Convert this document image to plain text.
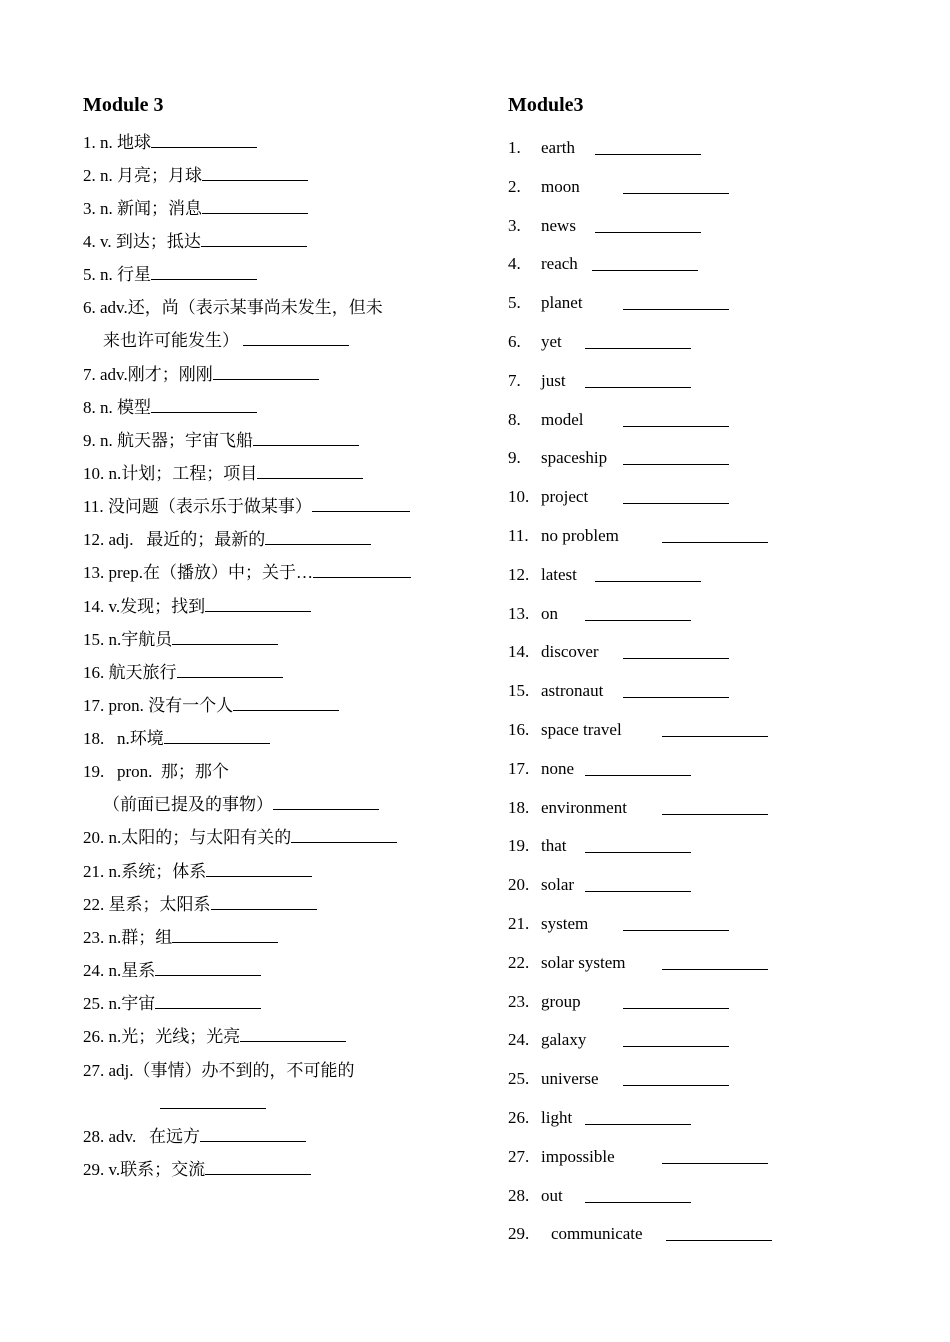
Module 3	Module3
1. n. 地球
2. n. 月亮；月球
3. n. 新闻；消息
4. v. 到达；抵达
5. n. 行星
6. adv.还，尚（表示某事尚未发生，但未
来也许可能发生）
7. adv.刚才；刚刚
8. n. 模型
9. n. 航天器；宇宙飞船
10. n.计划；工程；项目
11. 没问题（表示乐于做某事）
12. adj.   最近的；最新的
13. prep.在（播放）中；关于…
14. v.发现；找到
15. n.宇航员
16. 航天旅行
17. pron. 没有一个人
18.   n.环境
19.   pron.  那；那个
（前面已提及的事物）
20. n.太阳的；与太阳有关的
21. n.系统；体系
22. 星系；太阳系
23. n.群；组
24. n.星系
25. n.宇宙
26. n.光；光线；光亮
27. adj.（事情）办不到的，不可能的
28. adv.   在远方
29. v.联系；交流
1. earth
2. moon
3. news
4. reach
5. planet
6. yet
7. just
8. model
9. spaceship
10. project
11. no problem
12. latest
13. on
14. discover
15. astronaut
16. space travel
17. none
18. environment
19. that
20. solar
21. system
22. solar system
23. group
24. galaxy
25. universe
26. light
27. impossible
28. out
29. communicate
